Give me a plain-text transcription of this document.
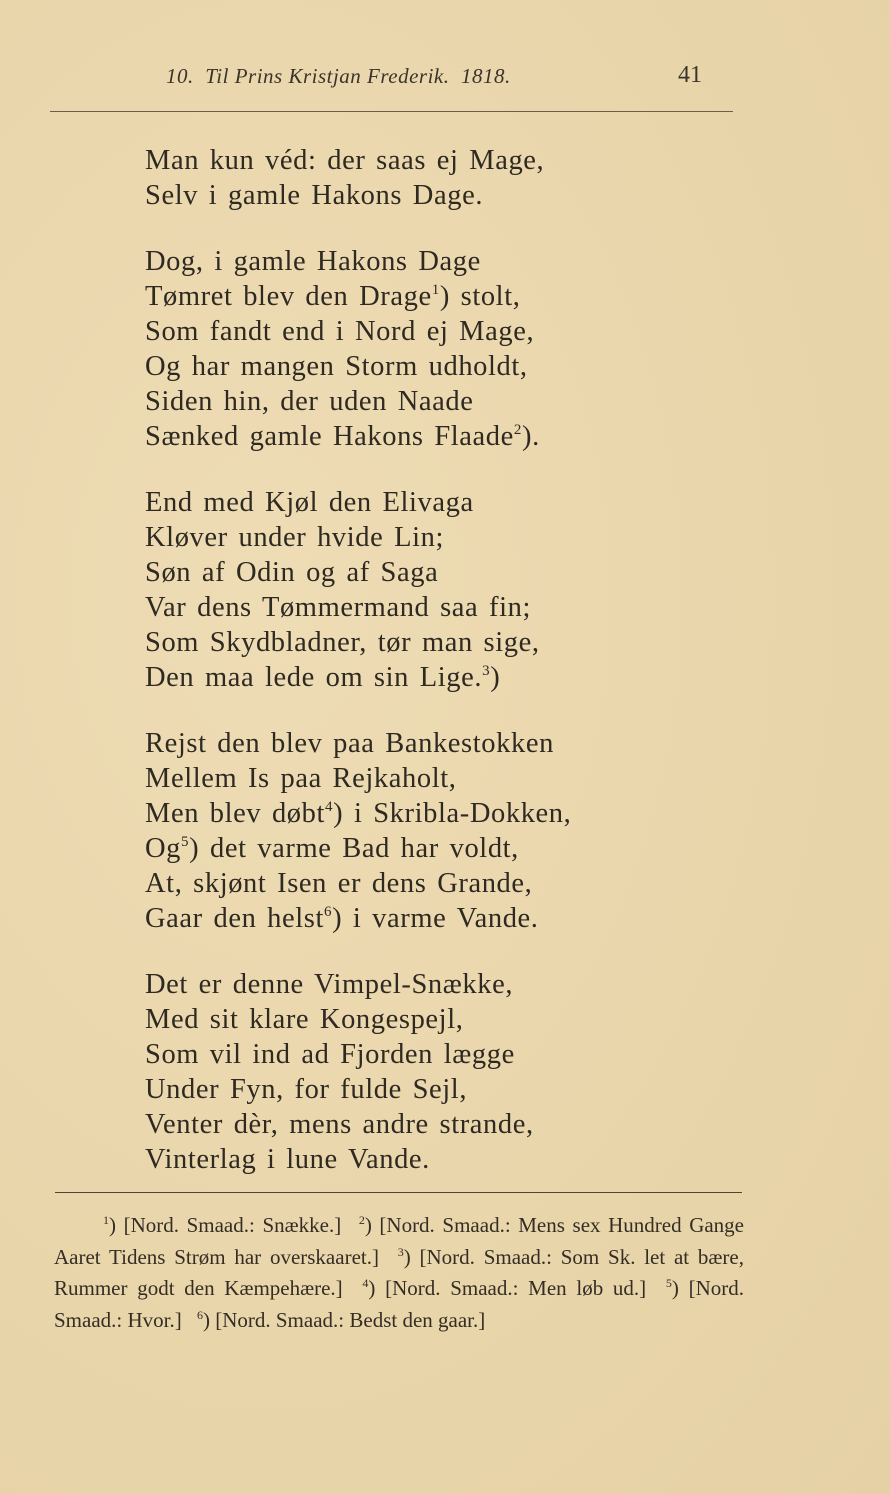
10.  Til Prins Kristjan Frederik.  1818.	41
Man kun véd: der saas ej Mage,
Selv i gamle Hakons Dage.
Dog, i gamle Hakons Dage
Tømret blev den Drage$^1$) stolt,
Som fandt end i Nord ej Mage,
Og har mangen Storm udholdt,
Siden hin, der uden Naade
Sænked gamle Hakons Flaade$^2$).
End med Kjøl den Elivaga
Kløver under hvide Lin;
Søn af Odin og af Saga
Var dens Tømmermand saa fin;
Som Skydbladner, tør man sige,
Den maa lede om sin Lige.$^3$)
Rejst den blev paa Bankestokken
Mellem Is paa Rejkaholt,
Men blev døbt$^4$) i Skribla-Dokken,
Og$^5$) det varme Bad har voldt,
At, skjønt Isen er dens Grande,
Gaar den helst$^6$) i varme Vande.
Det er denne Vimpel-Snække,
Med sit klare Kongespejl,
Som vil ind ad Fjorden lægge
Under Fyn, for fulde Sejl,
Venter dèr, mens andre strande,
Vinterlag i lune Vande.
$^1$) [Nord. Smaad.: Snække.] $^2$) [Nord. Smaad.: Mens sex Hundred Gange Aaret Tidens Strøm har overskaaret.] $^3$) [Nord. Smaad.: Som Sk. let at bære, Rummer godt den Kæmpehære.] $^4$) [Nord. Smaad.: Men løb ud.] $^5$) [Nord. Smaad.: Hvor.] $^6$) [Nord. Smaad.: Bedst den gaar.]
